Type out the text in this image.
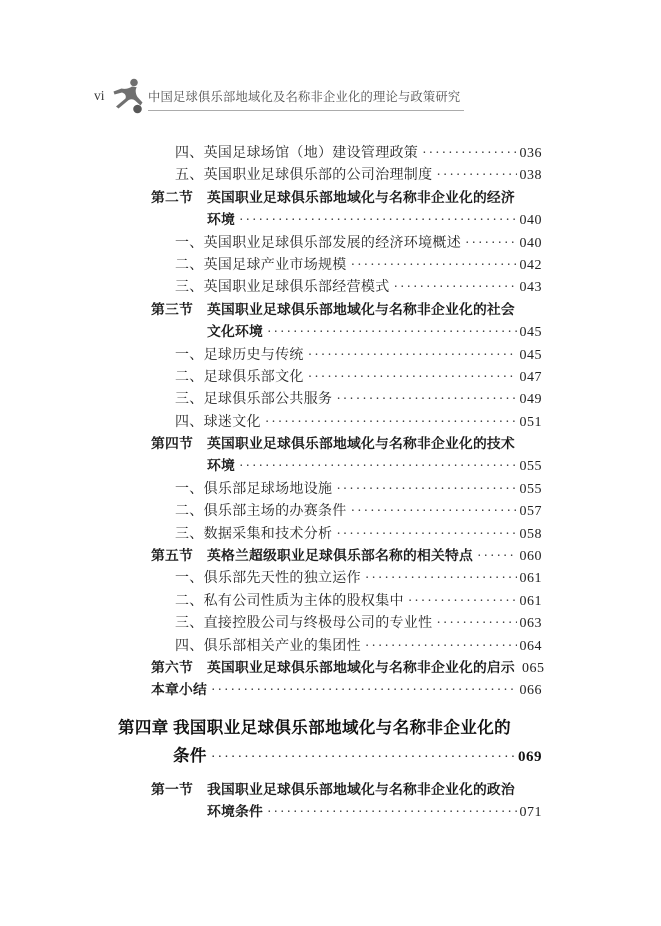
vi	中国足球俱乐部地域化及名称非企业化的理论与政策研究
四、英国足球场馆（地）建设管理政策 ·····	036
五、英国职业足球俱乐部的公司治理制度 ·····	038
第二节	英国职业足球俱乐部地域化与名称非企业化的经济
环境 ·····	040
一、英国职业足球俱乐部发展的经济环境概述 ·····	040
二、英国足球产业市场规模 ·····	042
三、英国职业足球俱乐部经营模式 ·····	043
第三节	英国职业足球俱乐部地域化与名称非企业化的社会
文化环境 ·····	045
一、足球历史与传统 ·····	045
二、足球俱乐部文化 ·····	047
三、足球俱乐部公共服务 ·····	049
四、球迷文化 ·····	051
第四节	英国职业足球俱乐部地域化与名称非企业化的技术
环境 ·····	055
一、俱乐部足球场地设施 ·····	055
二、俱乐部主场的办赛条件 ·····	057
三、数据采集和技术分析 ·····	058
第五节	英格兰超级职业足球俱乐部名称的相关特点 ·····	060
一、俱乐部先天性的独立运作 ·····	061
二、私有公司性质为主体的股权集中 ·····	061
三、直接控股公司与终极母公司的专业性 ·····	063
四、俱乐部相关产业的集团性 ·····	064
第六节	英国职业足球俱乐部地域化与名称非企业化的启示 065
本章小结 ·····	066
第四章 我国职业足球俱乐部地域化与名称非企业化的
条件 ·····	069
第一节	我国职业足球俱乐部地域化与名称非企业化的政治
环境条件 ·····	071
